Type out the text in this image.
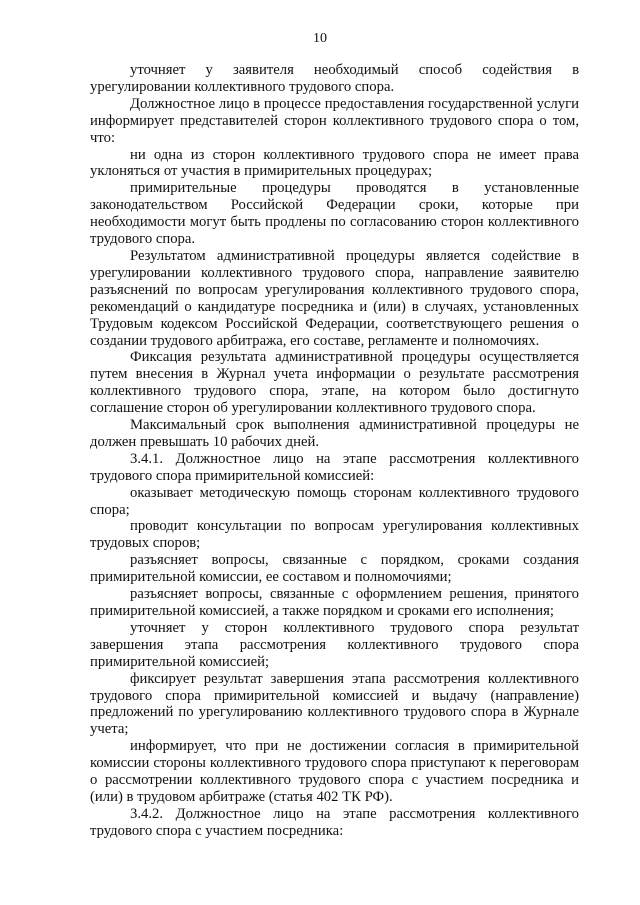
10

уточняет у заявителя необходимый способ содействия в урегулировании коллективного трудового спора.

Должностное лицо в процессе предоставления государственной услуги информирует представителей сторон коллективного трудового спора о том, что:

ни одна из сторон коллективного трудового спора не имеет права уклоняться от участия в примирительных процедурах;

примирительные процедуры проводятся в установленные законодательством Российской Федерации сроки, которые при необходимости могут быть продлены по согласованию сторон коллективного трудового спора.

Результатом административной процедуры является содействие в урегулировании коллективного трудового спора, направление заявителю разъяснений по вопросам урегулирования коллективного трудового спора, рекомендаций о кандидатуре посредника и (или) в случаях, установленных Трудовым кодексом Российской Федерации, соответствующего решения о создании трудового арбитража, его составе, регламенте и полномочиях.

Фиксация результата административной процедуры осуществляется путем внесения в Журнал учета информации о результате рассмотрения коллективного трудового спора, этапе, на котором было достигнуто соглашение сторон об урегулировании коллективного трудового спора.

Максимальный срок выполнения административной процедуры не должен превышать 10 рабочих дней.

3.4.1. Должностное лицо на этапе рассмотрения коллективного трудового спора примирительной комиссией:

оказывает методическую помощь сторонам коллективного трудового спора;

проводит консультации по вопросам урегулирования коллективных трудовых споров;

разъясняет вопросы, связанные с порядком, сроками создания примирительной комиссии, ее составом и полномочиями;

разъясняет вопросы, связанные с оформлением решения, принятого примирительной комиссией, а также порядком и сроками его исполнения;

уточняет у сторон коллективного трудового спора результат завершения этапа рассмотрения коллективного трудового спора примирительной комиссией;

фиксирует результат завершения этапа рассмотрения коллективного трудового спора примирительной комиссией и выдачу (направление) предложений по урегулированию коллективного трудового спора в Журнале учета;

информирует, что при не достижении согласия в примирительной комиссии стороны коллективного трудового спора приступают к переговорам о рассмотрении коллективного трудового спора с участием посредника и (или) в трудовом арбитраже (статья 402 ТК РФ).

3.4.2. Должностное лицо на этапе рассмотрения коллективного трудового спора с участием посредника:
